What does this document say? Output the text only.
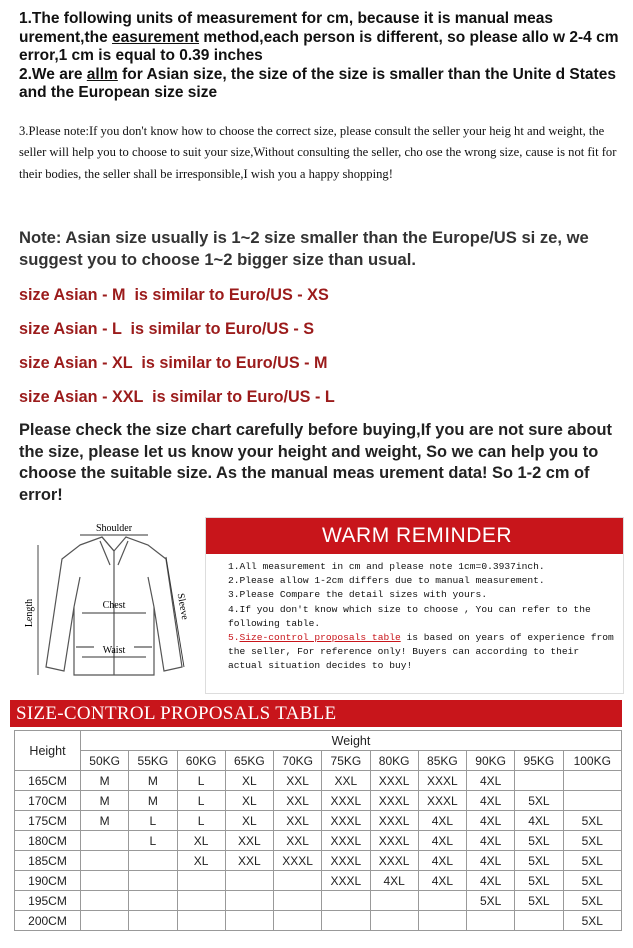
1.The following units of measurement for cm, because it is manual meas urement,the easurement method,each person is different, so please allo w 2-4 cm error,1 cm is equal to 0.39 inches
2.We are allm for Asian size, the size of the size is smaller than the Unite d States and the European size size
3.Please note:If you don't know how to choose the correct size, please consult the seller your heig ht and weight, the seller will help you to choose to suit your size,Without consulting the seller, cho ose the wrong size, cause is not fit for their bodies, the seller shall be irresponsible,I wish you a happy shopping!
Note: Asian size usually is 1~2 size smaller than the Europe/US si ze, we suggest you to choose 1~2 bigger size than usual.
size Asian - M  is similar to Euro/US - XS
size Asian - L  is similar to Euro/US - S
size Asian - XL  is similar to Euro/US - M
size Asian - XXL  is similar to Euro/US - L
Please check the size chart carefully before buying,If you are not sure about the size, please let us know your height and weight, So we can help you to choose the suitable size. As the manual meas urement data! So 1-2 cm of error!
Shoulder
Chest
Waist
Length	Sleeve
WARM REMINDER
1.All measurement in cm and please note 1cm=0.3937inch.
2.Please allow 1-2cm differs due to manual measurement.
3.Please Compare the detail sizes with yours.
4.If you don't know which size to choose , You can refer to the following table.
5.Size-control proposals table is based on years of experience from the seller, For reference only! Buyers can according to their actual situation decides to buy!
SIZE-CONTROL PROPOSALS TABLE
Height	Weight										
	50KG	55KG	60KG	65KG	70KG	75KG	80KG	85KG	90KG	95KG	100KG
165CM	M	M	L	XL	XXL	XXL	XXXL	XXXL	4XL		
170CM	M	M	L	XL	XXL	XXXL	XXXL	XXXL	4XL	5XL	
175CM	M	L	L	XL	XXL	XXXL	XXXL	4XL	4XL	4XL	5XL
180CM		L	XL	XXL	XXL	XXXL	XXXL	4XL	4XL	5XL	5XL
185CM			XL	XXL	XXXL	XXXL	XXXL	4XL	4XL	5XL	5XL
190CM						XXXL	4XL	4XL	4XL	5XL	5XL
195CM									5XL	5XL	5XL
200CM											5XL
